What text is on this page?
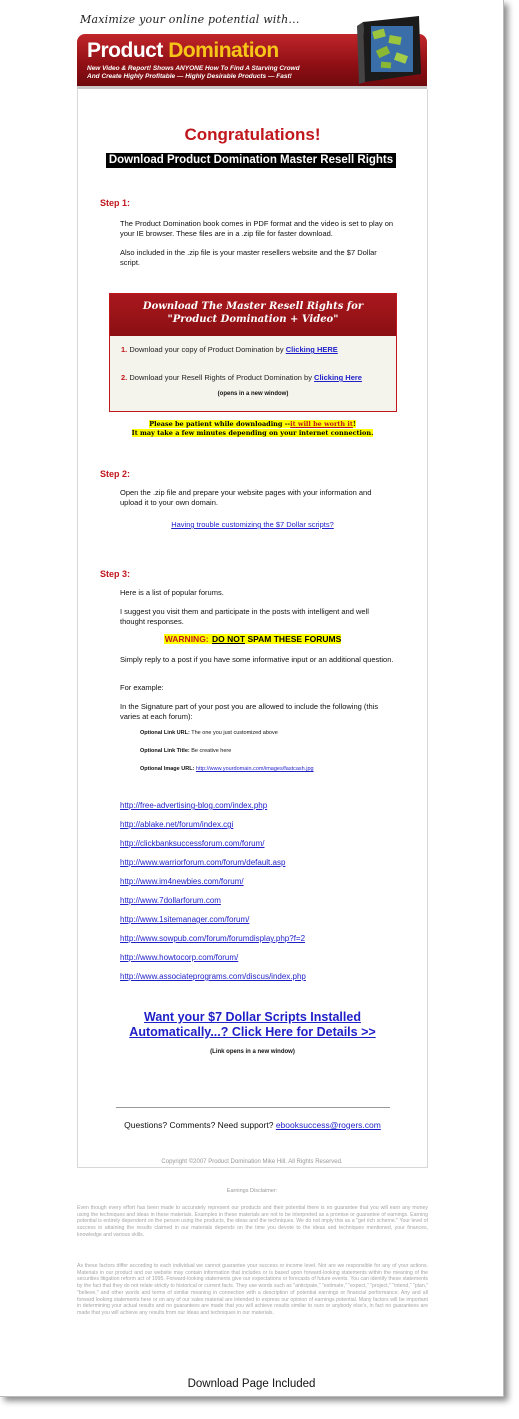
Maximize your online potential with...
Product Domination
New Video & Report! Shows ANYONE How To Find A Starving Crowd
And Create Highly Profitable — Highly Desirable Products — Fast!
Congratulations!
Download Product Domination Master Resell Rights
Step 1:
The Product Domination book comes in PDF format and the video is set to play on your IE browser. These files are in a .zip file for faster download.
Also included in the .zip file is your master resellers website and the $7 Dollar script.
Download The Master Resell Rights for
"Product Domination + Video"
1. Download your copy of Product Domination by Clicking HERE
2. Download your Resell Rights of Product Domination by Clicking Here
(opens in a new window)
Please be patient while downloading --it will be worth it!
It may take a few minutes depending on your internet connection.
Step 2:
Open the .zip file and prepare your website pages with your information and upload it to your own domain.
Having trouble customizing the $7 Dollar scripts?
Step 3:
Here is a list of popular forums.
I suggest you visit them and participate in the posts with intelligent and well thought responses.
WARNING: DO NOT SPAM THESE FORUMS
Simply reply to a post if you have some informative input or an additional question.
For example:
In the Signature part of your post you are allowed to include the following (this varies at each forum):
Optional Link URL: The one you just customized above
Optional Link Title: Be creative here
Optional Image URL: http://www.yourdomain.com/images/fastcash.jpg
http://free-advertising-blog.com/index.php
http://ablake.net/forum/index.cgi
http://clickbanksuccessforum.com/forum/
http://www.warriorforum.com/forum/default.asp
http://www.im4newbies.com/forum/
http://www.7dollarforum.com
http://www.1sitemanager.com/forum/
http://www.sowpub.com/forum/forumdisplay.php?f=2
http://www.howtocorp.com/forum/
http://www.associateprograms.com/discus/index.php
Want your $7 Dollar Scripts Installed
Automatically...? Click Here for Details >>
(Link opens in a new window)
Questions? Comments? Need support? ebooksuccess@rogers.com
Copyright ©2007 Product Domination Mike Hill. All Rights Reserved.
Earnings Disclaimer:
Even though every effort has been made to accurately represent our products and their potential there is no guarantee that you will earn any money using the techniques and ideas in these materials. Examples in these materials are not to be interpreted as a promise or guarantee of earnings. Earning potential is entirely dependent on the person using the products, the ideas and the techniques. We do not imply this as a "get rich scheme." Your level of success in attaining the results claimed in our materials depends on the time you devote to the ideas and techniques mentioned, your finances, knowledge and various skills.
As these factors differ according to each individual we cannot guarantee your success or income level. Nor are we responsible for any of your actions. Materials in our product and our website may contain information that includes or is based upon forward-looking statements within the meaning of the securities litigation reform act of 1995. Forward-looking statements give our expectations or forecasts of future events. You can identify these statements by the fact that they do not relate strictly to historical or current facts. They use words such as "anticipate," "estimate," "expect," "project," "intend," "plan," "believe," and other words and terms of similar meaning in connection with a description of potential earnings or financial performance. Any and all forward looking statements here or on any of our sales material are intended to express our opinion of earnings potential. Many factors will be important in determining your actual results and no guarantees are made that you will achieve results similar to ours or anybody else's, in fact no guarantees are made that you will achieve any results from our ideas and techniques in our materials.
Download Page Included
